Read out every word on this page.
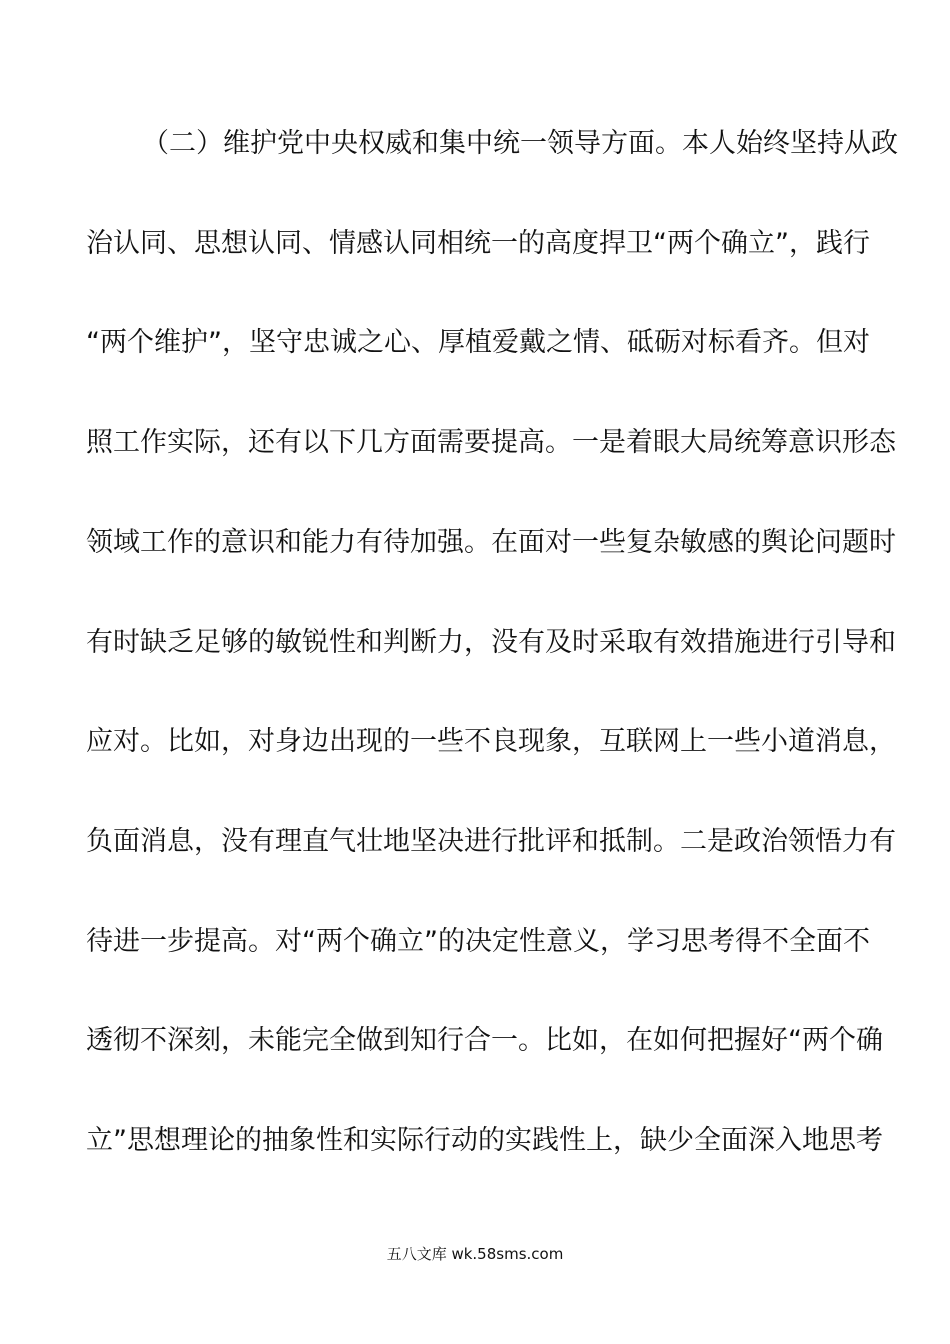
（二）维护党中央权威和集中统一领导方面。本人始终坚持从政
治认同、思想认同、情感认同相统一的高度捍卫“两个确立”，践行
“两个维护”，坚守忠诚之心、厚植爱戴之情、砥砺对标看齐。但对
照工作实际，还有以下几方面需要提高。一是着眼大局统筹意识形态
领域工作的意识和能力有待加强。在面对一些复杂敏感的舆论问题时
有时缺乏足够的敏锐性和判断力，没有及时采取有效措施进行引导和
应对。比如，对身边出现的一些不良现象，互联网上一些小道消息，
负面消息，没有理直气壮地坚决进行批评和抵制。二是政治领悟力有
待进一步提高。对“两个确立”的决定性意义，学习思考得不全面不
透彻不深刻，未能完全做到知行合一。比如，在如何把握好“两个确
立”思想理论的抽象性和实际行动的实践性上，缺少全面深入地思考
五八文库 wk.58sms.com
